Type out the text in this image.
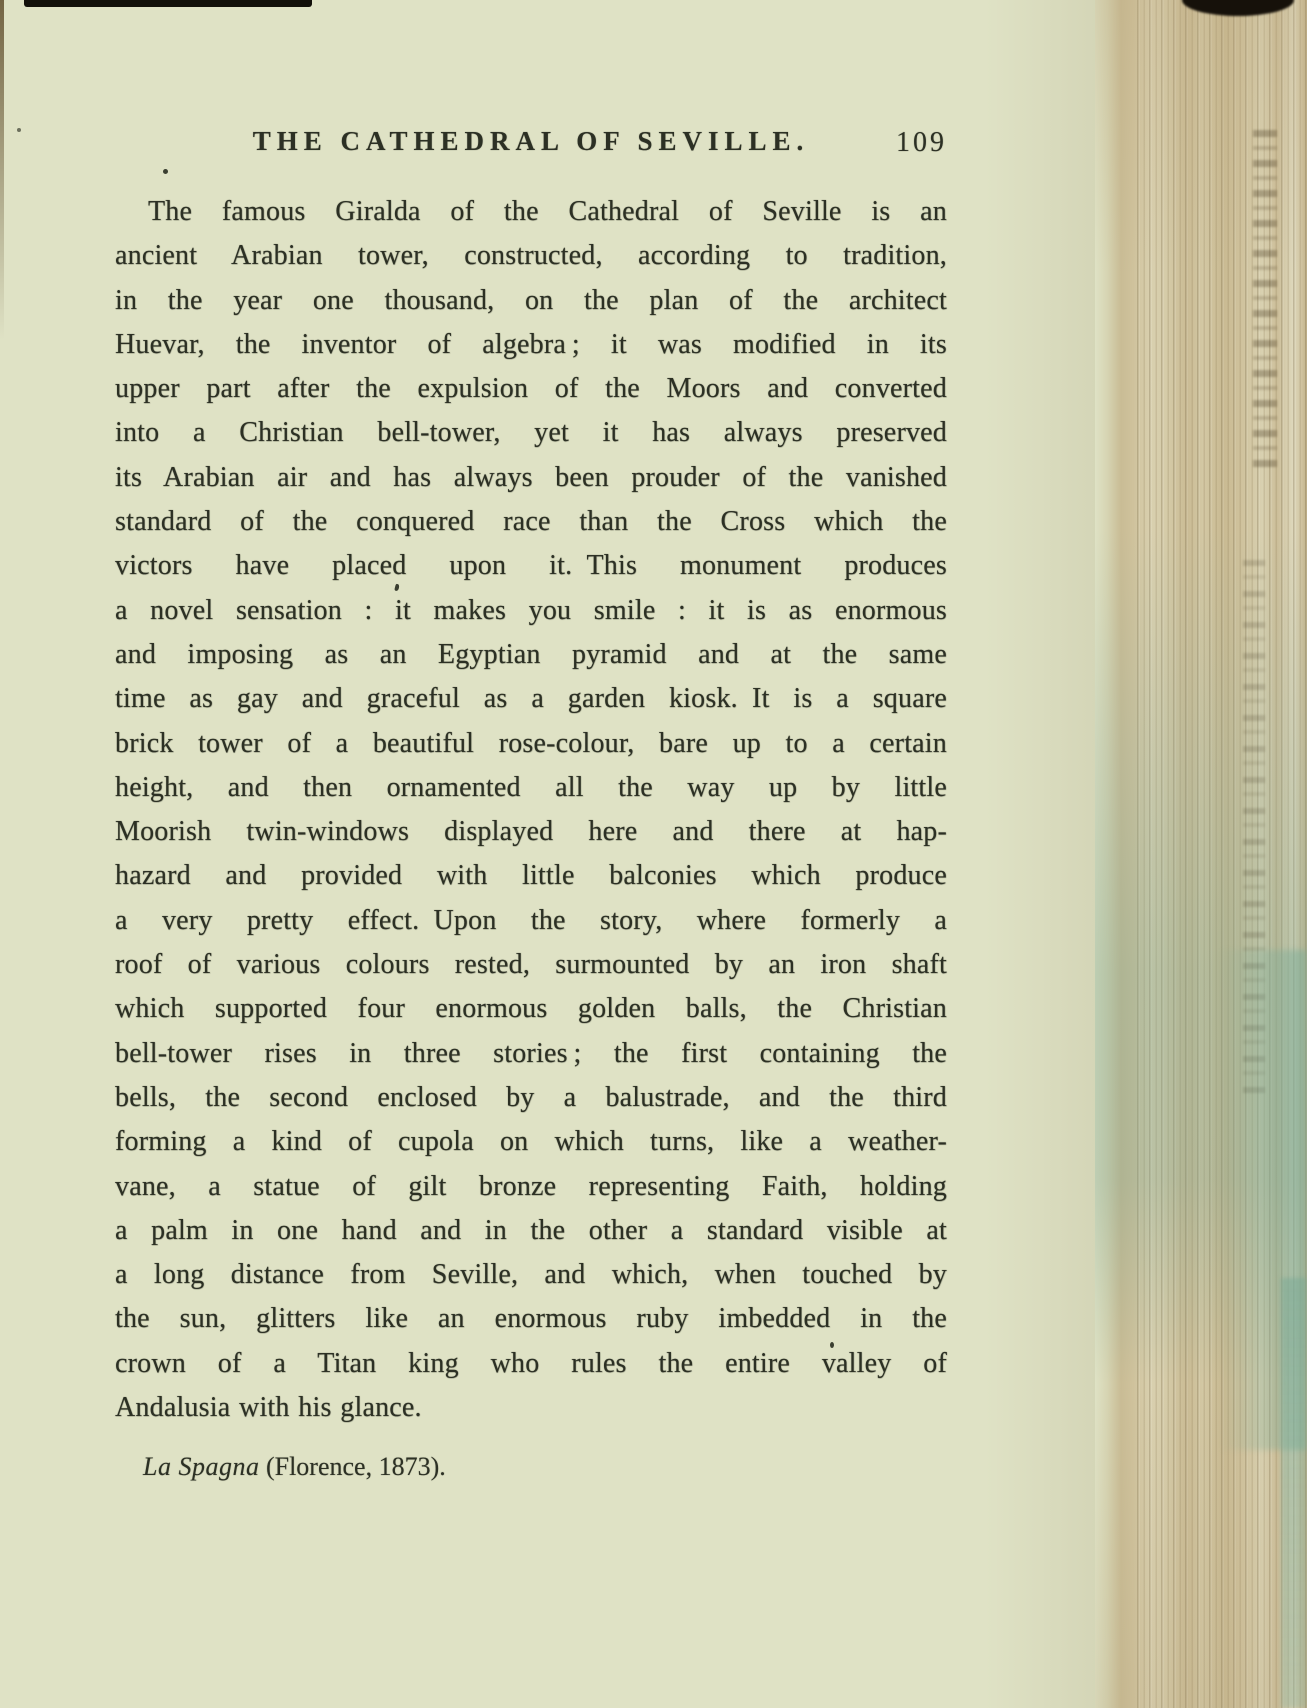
THE CATHEDRAL OF SEVILLE.	109
The famous Giralda of the Cathedral of Seville is an
ancient Arabian tower, constructed, according to tradition,
in the year one thousand, on the plan of the architect
Huevar, the inventor of algebra ; it was modified in its
upper part after the expulsion of the Moors and converted
into a Christian bell-tower, yet it has always preserved
its Arabian air and has always been prouder of the vanished
standard of the conquered race than the Cross which the
victors have placed upon it. This monument produces
a novel sensation : it makes you smile : it is as enormous
and imposing as an Egyptian pyramid and at the same
time as gay and graceful as a garden kiosk. It is a square
brick tower of a beautiful rose-colour, bare up to a certain
height, and then ornamented all the way up by little
Moorish twin-windows displayed here and there at hap-
hazard and provided with little balconies which produce
a very pretty effect. Upon the story, where formerly a
roof of various colours rested, surmounted by an iron shaft
which supported four enormous golden balls, the Christian
bell-tower rises in three stories ; the first containing the
bells, the second enclosed by a balustrade, and the third
forming a kind of cupola on which turns, like a weather-
vane, a statue of gilt bronze representing Faith, holding
a palm in one hand and in the other a standard visible at
a long distance from Seville, and which, when touched by
the sun, glitters like an enormous ruby imbedded in the
crown of a Titan king who rules the entire valley of
Andalusia with his glance.
La Spagna (Florence, 1873).
